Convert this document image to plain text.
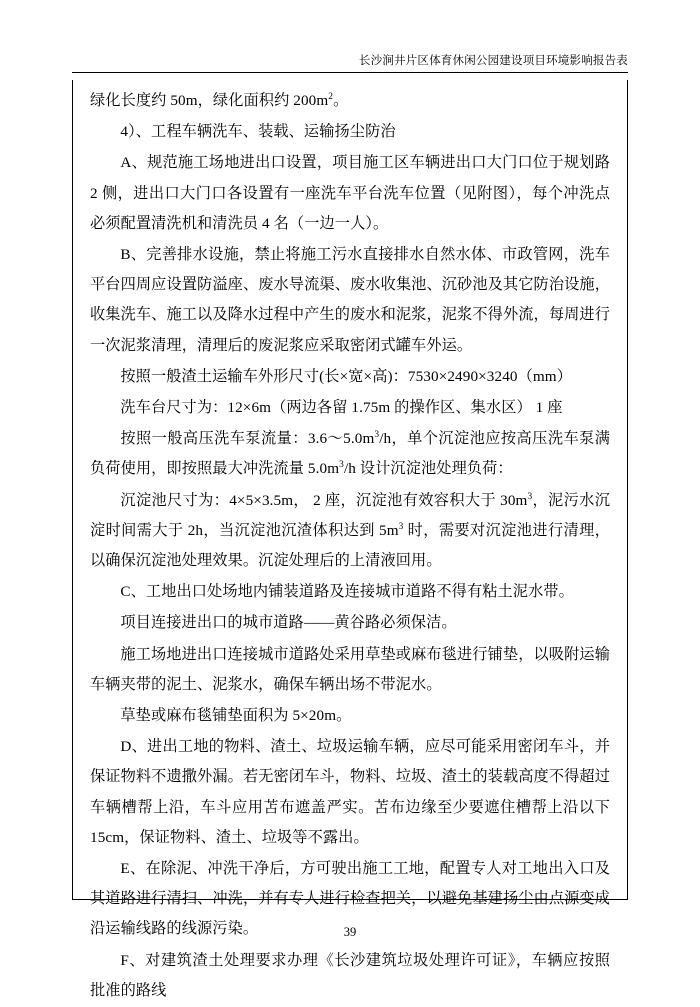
长沙涧井片区体育休闲公园建设项目环境影响报告表

绿化长度约 50m，绿化面积约 $200m^2$。

4）、工程车辆洗车、装载、运输扬尘防治

A、规范施工场地进出口设置，项目施工区车辆进出口大门口位于规划路 2 侧，进出口大门口各设置有一座洗车平台洗车位置（见附图），每个冲洗点必须配置清洗机和清洗员 4 名（一边一人）。

B、完善排水设施，禁止将施工污水直接排水自然水体、市政管网，洗车平台四周应设置防溢座、废水导流渠、废水收集池、沉砂池及其它防治设施，收集洗车、施工以及降水过程中产生的废水和泥浆，泥浆不得外流，每周进行一次泥浆清理，清理后的废泥浆应采取密闭式罐车外运。

按照一般渣土运输车外形尺寸(长×宽×高)：7530×2490×3240（mm）

洗车台尺寸为：12×6m（两边各留 1.75m 的操作区、集水区） 1 座

按照一般高压洗车泵流量：$3.6\sim 5.0m^3/h$，单个沉淀池应按高压洗车泵满负荷使用，即按照最大冲洗流量 $5.0m^3/h$ 设计沉淀池处理负荷：

沉淀池尺寸为：4×5×3.5m， 2 座，沉淀池有效容积大于 $30m^3$，泥污水沉淀时间需大于 2h，当沉淀池沉渣体积达到 $5m^3$ 时，需要对沉淀池进行清理，以确保沉淀池处理效果。沉淀处理后的上清液回用。

C、工地出口处场地内铺装道路及连接城市道路不得有粘土泥水带。

项目连接进出口的城市道路——黄谷路必须保洁。

施工场地进出口连接城市道路处采用草垫或麻布毯进行铺垫，以吸附运输车辆夹带的泥土、泥浆水，确保车辆出场不带泥水。

草垫或麻布毯铺垫面积为 5×20m。

D、进出工地的物料、渣土、垃圾运输车辆，应尽可能采用密闭车斗，并保证物料不遗撒外漏。若无密闭车斗，物料、垃圾、渣土的装载高度不得超过车辆槽帮上沿，车斗应用苫布遮盖严实。苫布边缘至少要遮住槽帮上沿以下 15cm，保证物料、渣土、垃圾等不露出。

E、在除泥、冲洗干净后，方可驶出施工工地，配置专人对工地出入口及其道路进行清扫、冲洗，并有专人进行检查把关，以避免基建扬尘由点源变成沿运输线路的线源污染。

F、对建筑渣土处理要求办理《长沙建筑垃圾处理许可证》，车辆应按照批准的路线

39
